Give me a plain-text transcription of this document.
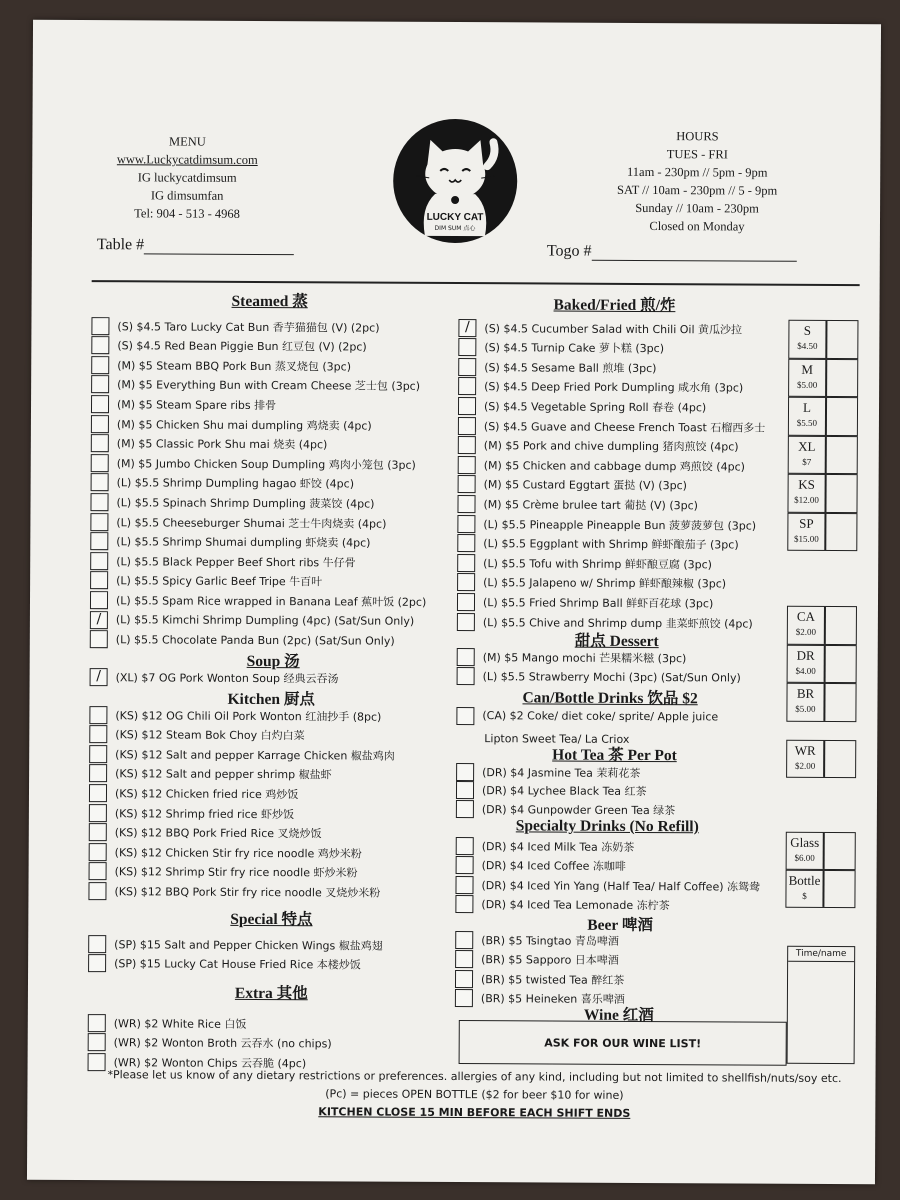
MENU
www.Luckycatdimsum.com
IG luckycatdimsum
IG dimsumfan
Tel: 904 - 513 - 4968	LUCKY CAT
DIM SUM 点心
HOURS
TUES - FRI
11am - 230pm // 5pm - 9pm
SAT // 10am - 230pm // 5 - 9pm
Sunday // 10am - 230pm
Closed on Monday
Table #	Togo #
Steamed 蒸	Baked/Fried 煎/炸
Soup 汤
Kitchen 厨点
Special 特点
Extra 其他
甜点 Dessert
Can/Bottle Drinks 饮品 $2
Hot Tea 茶 Per Pot
Specialty Drinks (No Refill)
Beer 啤酒
Wine 红酒
(S) $4.5 Taro Lucky Cat Bun 香芋猫猫包 (V) (2pc)
(S) $4.5 Red Bean Piggie Bun 红豆包 (V) (2pc)
(M) $5 Steam BBQ Pork Bun 蒸叉烧包 (3pc)
(M) $5 Everything Bun with Cream Cheese 芝士包 (3pc)
(M) $5 Steam Spare ribs 排骨
(M) $5 Chicken Shu mai dumpling 鸡烧卖 (4pc)
(M) $5 Classic Pork Shu mai 烧卖 (4pc)
(M) $5 Jumbo Chicken Soup Dumpling 鸡肉小笼包 (3pc)
(L) $5.5 Shrimp Dumpling hagao 虾饺 (4pc)
(L) $5.5 Spinach Shrimp Dumpling 菠菜饺 (4pc)
(L) $5.5 Cheeseburger Shumai 芝士牛肉烧卖 (4pc)
(L) $5.5 Shrimp Shumai dumpling 虾烧卖 (4pc)
(L) $5.5 Black Pepper Beef Short ribs 牛仔骨
(L) $5.5 Spicy Garlic Beef Tripe 牛百叶
(L) $5.5 Spam Rice wrapped in Banana Leaf 蕉叶饭 (2pc)
/	(L) $5.5 Kimchi Shrimp Dumpling (4pc) (Sat/Sun Only)
(L) $5.5 Chocolate Panda Bun (2pc) (Sat/Sun Only)
/	(XL) $7 OG Pork Wonton Soup 经典云吞汤
(KS) $12 OG Chili Oil Pork Wonton 红油抄手 (8pc)
(KS) $12 Steam Bok Choy 白灼白菜
(KS) $12 Salt and pepper Karrage Chicken 椒盐鸡肉
(KS) $12 Salt and pepper shrimp 椒盐虾
(KS) $12 Chicken fried rice 鸡炒饭
(KS) $12 Shrimp fried rice 虾炒饭
(KS) $12 BBQ Pork Fried Rice 叉烧炒饭
(KS) $12 Chicken Stir fry rice noodle 鸡炒米粉
(KS) $12 Shrimp Stir fry rice noodle 虾炒米粉
(KS) $12 BBQ Pork Stir fry rice noodle 叉烧炒米粉
(SP) $15 Salt and Pepper Chicken Wings 椒盐鸡翅
(SP) $15 Lucky Cat House Fried Rice 本楼炒饭
(WR) $2 White Rice 白饭
(WR) $2 Wonton Broth 云吞水 (no chips)
(WR) $2 Wonton Chips 云吞脆 (4pc)
/	(S) $4.5 Cucumber Salad with Chili Oil 黄瓜沙拉
(S) $4.5 Turnip Cake 萝卜糕 (3pc)
(S) $4.5 Sesame Ball 煎堆 (3pc)
(S) $4.5 Deep Fried Pork Dumpling 咸水角 (3pc)
(S) $4.5 Vegetable Spring Roll 春卷 (4pc)
(S) $4.5 Guave and Cheese French Toast 石榴西多士
(M) $5 Pork and chive dumpling 猪肉煎饺 (4pc)
(M) $5 Chicken and cabbage dump 鸡煎饺 (4pc)
(M) $5 Custard Eggtart 蛋挞 (V) (3pc)
(M) $5 Crème brulee tart 葡挞 (V) (3pc)
(L) $5.5 Pineapple Pineapple Bun 菠萝菠萝包 (3pc)
(L) $5.5 Eggplant with Shrimp 鲜虾酿茄子 (3pc)
(L) $5.5 Tofu with Shrimp 鲜虾酿豆腐 (3pc)
(L) $5.5 Jalapeno w/ Shrimp 鲜虾酿辣椒 (3pc)
(L) $5.5 Fried Shrimp Ball 鲜虾百花球 (3pc)
(L) $5.5 Chive and Shrimp dump 韭菜虾煎饺 (4pc)
(M) $5 Mango mochi 芒果糯米糍 (3pc)
(L) $5.5 Strawberry Mochi (3pc) (Sat/Sun Only)
(CA) $2 Coke/ diet coke/ sprite/ Apple juice
(DR) $4 Jasmine Tea 茉莉花茶
(DR) $4 Lychee Black Tea 红茶
(DR) $4 Gunpowder Green Tea 绿茶
(DR) $4 Iced Milk Tea 冻奶茶
(DR) $4 Iced Coffee 冻咖啡
(DR) $4 Iced Yin Yang (Half Tea/ Half Coffee) 冻鸳鸯
(DR) $4 Iced Tea Lemonade 冻柠茶
(BR) $5 Tsingtao 青岛啤酒
(BR) $5 Sapporo 日本啤酒
(BR) $5 twisted Tea 醉红茶
(BR) $5 Heineken 喜乐啤酒
Lipton Sweet Tea/ La Criox
S
$4.50
M
$5.00
L
$5.50
XL
$7
KS
$12.00
SP
$15.00
CA
$2.00
DR
$4.00
BR
$5.00
WR
$2.00
Glass
$6.00
Bottle
$
Time/name
ASK FOR OUR WINE LIST!
*Please let us know of any dietary restrictions or preferences. allergies of any kind, including but not limited to shellfish/nuts/soy etc.
(Pc) = pieces OPEN BOTTLE ($2 for beer $10 for wine)
KITCHEN CLOSE 15 MIN BEFORE EACH SHIFT ENDS
